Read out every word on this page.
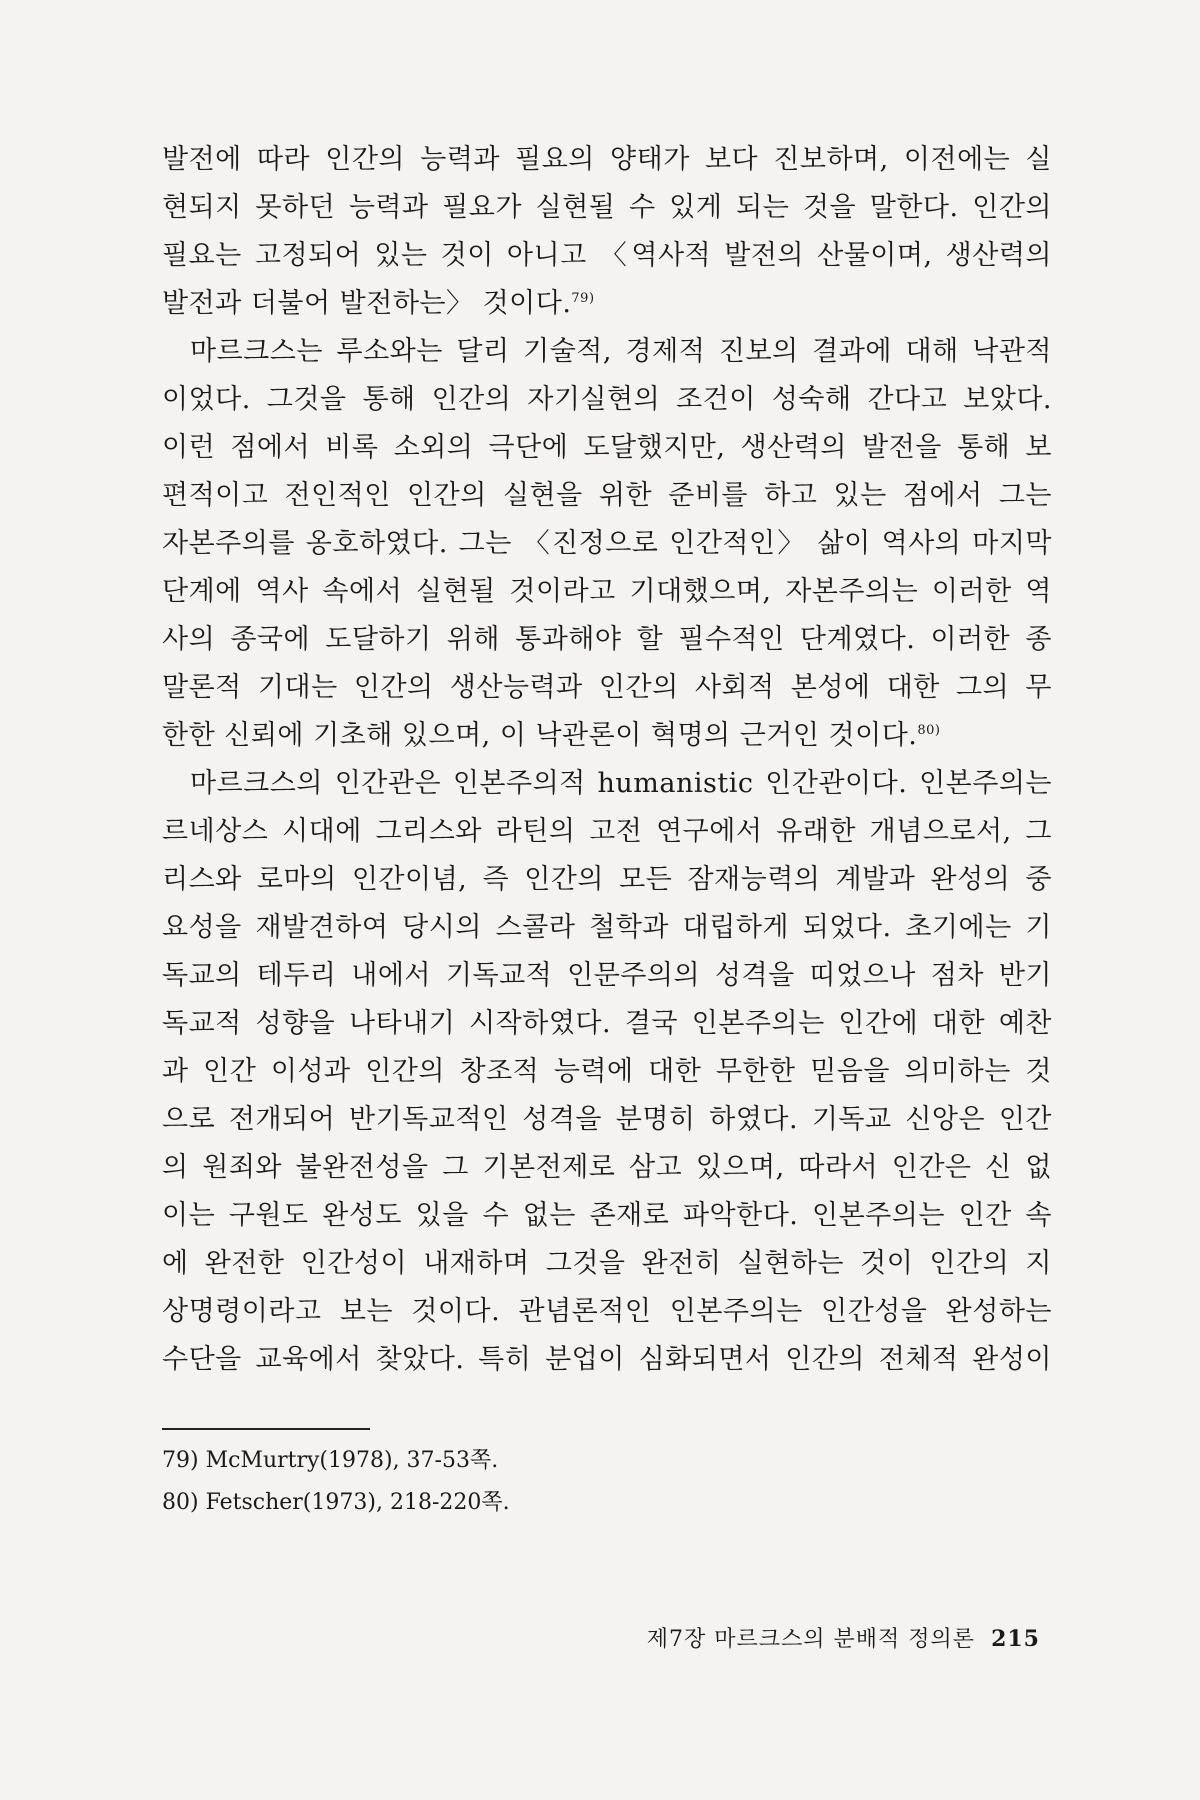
발전에 따라 인간의 능력과 필요의 양태가 보다 진보하며, 이전에는 실
현되지 못하던 능력과 필요가 실현될 수 있게 되는 것을 말한다. 인간의
필요는 고정되어 있는 것이 아니고 〈역사적 발전의 산물이며, 생산력의
발전과 더불어 발전하는〉 것이다.$^{79)}$
마르크스는 루소와는 달리 기술적, 경제적 진보의 결과에 대해 낙관적
이었다. 그것을 통해 인간의 자기실현의 조건이 성숙해 간다고 보았다.
이런 점에서 비록 소외의 극단에 도달했지만, 생산력의 발전을 통해 보
편적이고 전인적인 인간의 실현을 위한 준비를 하고 있는 점에서 그는
자본주의를 옹호하였다. 그는 〈진정으로 인간적인〉 삶이 역사의 마지막
단계에 역사 속에서 실현될 것이라고 기대했으며, 자본주의는 이러한 역
사의 종국에 도달하기 위해 통과해야 할 필수적인 단계였다. 이러한 종
말론적 기대는 인간의 생산능력과 인간의 사회적 본성에 대한 그의 무
한한 신뢰에 기초해 있으며, 이 낙관론이 혁명의 근거인 것이다.$^{80)}$
마르크스의 인간관은 인본주의적 humanistic 인간관이다. 인본주의는
르네상스 시대에 그리스와 라틴의 고전 연구에서 유래한 개념으로서, 그
리스와 로마의 인간이념, 즉 인간의 모든 잠재능력의 계발과 완성의 중
요성을 재발견하여 당시의 스콜라 철학과 대립하게 되었다. 초기에는 기
독교의 테두리 내에서 기독교적 인문주의의 성격을 띠었으나 점차 반기
독교적 성향을 나타내기 시작하였다. 결국 인본주의는 인간에 대한 예찬
과 인간 이성과 인간의 창조적 능력에 대한 무한한 믿음을 의미하는 것
으로 전개되어 반기독교적인 성격을 분명히 하였다. 기독교 신앙은 인간
의 원죄와 불완전성을 그 기본전제로 삼고 있으며, 따라서 인간은 신 없
이는 구원도 완성도 있을 수 없는 존재로 파악한다. 인본주의는 인간 속
에 완전한 인간성이 내재하며 그것을 완전히 실현하는 것이 인간의 지
상명령이라고 보는 것이다. 관념론적인 인본주의는 인간성을 완성하는
수단을 교육에서 찾았다. 특히 분업이 심화되면서 인간의 전체적 완성이
79) McMurtry(1978), 37-53쪽.
80) Fetscher(1973), 218-220쪽.
제7장 마르크스의 분배적 정의론 215
